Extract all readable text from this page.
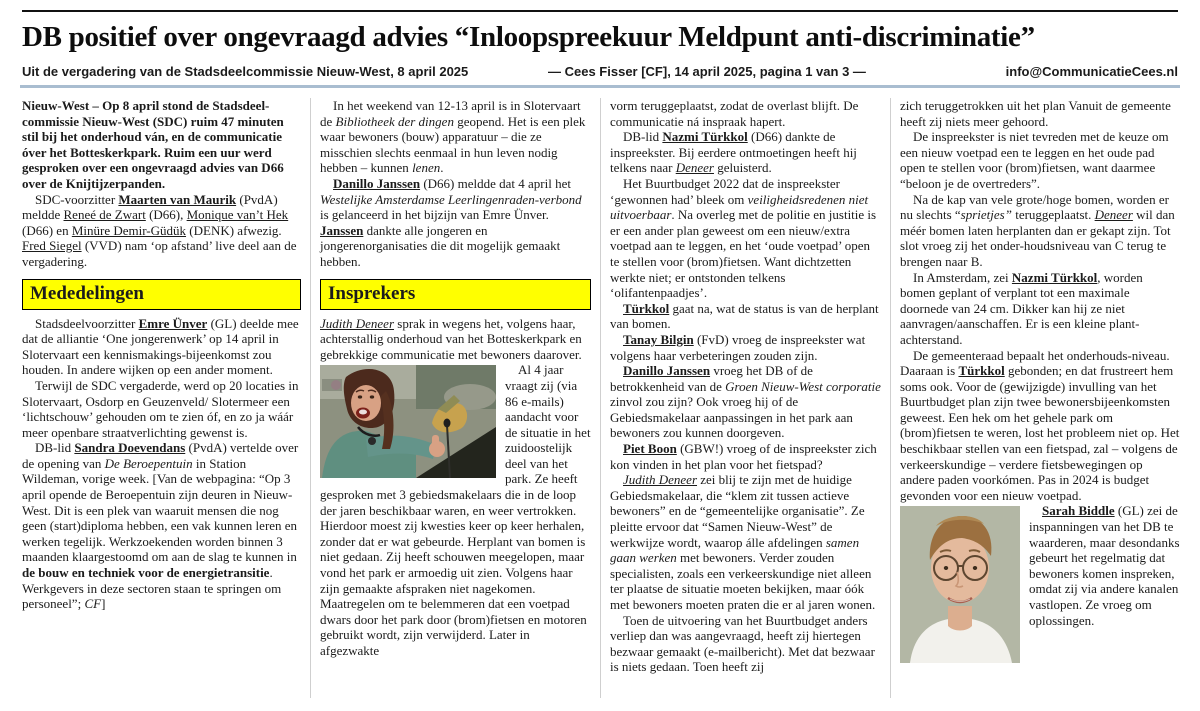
DB positief over ongevraagd advies “Inloopspreekuur Meldpunt anti-discriminatie”
Uit de vergadering van de Stadsdeelcommissie Nieuw-West, 8 april 2025	— Cees Fisser [CF], 14 april 2025, pagina 1 van 3 —	info@CommunicatieCees.nl

Nieuw-West – Op 8 april stond de Stadsdeel-commissie Nieuw-West (SDC) ruim 47 minuten stil bij het onderhoud ván, en de communicatie óver het Botteskerkpark. Ruim een uur werd gesproken over een ongevraagd advies van D66 over de Knijtijzerpanden.

SDC-voorzitter Maarten van Maurik (PvdA) meldde Reneé de Zwart (D66), Monique van’t Hek (D66) en Minüre Demir-Güdük (DENK) afwezig. Fred Siegel (VVD) nam ‘op afstand’ live deel aan de vergadering.

Mededelingen

Stadsdeelvoorzitter Emre Ünver (GL) deelde mee dat de alliantie ‘One jongerenwerk’ op 14 april in Slotervaart een kennismakings-bijeenkomst zou houden. In andere wijken op een ander moment.

Terwijl de SDC vergaderde, werd op 20 locaties in Slotervaart, Osdorp en Geuzenveld/ Slotermeer een ‘lichtschouw’ gehouden om te zien óf, en zo ja wáár meer openbare straatverlichting gewenst is.

DB-lid Sandra Doevendans (PvdA) vertelde over de opening van De Beroepentuin in Station Wildeman, vorige week. [Van de webpagina: “Op 3 april opende de Beroepentuin zijn deuren in Nieuw-West. Dit is een plek van waaruit mensen die nog geen (start)diploma hebben, een vak kunnen leren en werken tegelijk. Werkzoekenden worden binnen 3 maanden klaargestoomd om aan de slag te kunnen in de bouw en techniek voor de energietransitie. Werkgevers in deze sectoren staan te springen om personeel”; CF]

In het weekend van 12-13 april is in Slotervaart de Bibliotheek der dingen geopend. Het is een plek waar bewoners (bouw) apparatuur – die ze misschien slechts eenmaal in hun leven nodig hebben – kunnen lenen.

Danillo Janssen (D66) meldde dat 4 april het Westelijke Amsterdamse Leerlingenraden-verbond is gelanceerd in het bijzijn van Emre Ünver. Janssen dankte alle jongeren en jongerenorganisaties die dit mogelijk gemaakt hebben.

Insprekers

Judith Deneer sprak in wegens het, volgens haar, achterstallig onderhoud van het Botteskerkpark en gebrekkige communicatie met bewoners daarover.

Al 4 jaar vraagt zij (via 86 e-mails) aandacht voor de situatie in het zuidoostelijk deel van het park. Ze heeft gesproken met 3 gebiedsmakelaars die in de loop der jaren beschikbaar waren, en weer vertrokken. Hierdoor moest zij kwesties keer op keer herhalen, zonder dat er wat gebeurde. Herplant van bomen is niet gedaan. Zij heeft schouwen meegelopen, maar vond het park er armoedig uit zien. Volgens haar zijn gemaakte afspraken niet nagekomen. Maatregelen om te belemmeren dat een voetpad dwars door het park door (brom)fietsen en motoren gebruikt wordt, zijn verwijderd. Later in afgezwakte

vorm teruggeplaatst, zodat de overlast blijft. De communicatie ná inspraak hapert.

DB-lid Nazmi Türkkol (D66) dankte de inspreekster. Bij eerdere ontmoetingen heeft hij telkens naar Deneer geluisterd.

Het Buurtbudget 2022 dat de inspreekster ‘gewonnen had’ bleek om veiligheidsredenen niet uitvoerbaar. Na overleg met de politie en justitie is er een ander plan geweest om een nieuw/extra voetpad aan te leggen, en het ‘oude voetpad’ open te stellen voor (brom)fietsen. Want dichtzetten werkte niet; er ontstonden telkens ‘olifantenpaadjes’.

Türkkol gaat na, wat de status is van de herplant van bomen.

Tanay Bilgin (FvD) vroeg de inspreekster wat volgens haar verbeteringen zouden zijn.

Danillo Janssen vroeg het DB of de betrokkenheid van de Groen Nieuw-West corporatie zinvol zou zijn? Ook vroeg hij of de Gebiedsmakelaar aanpassingen in het park aan bewoners zou kunnen doorgeven.

Piet Boon (GBW!) vroeg of de inspreekster zich kon vinden in het plan voor het fietspad?

Judith Deneer zei blij te zijn met de huidige Gebiedsmakelaar, die “klem zit tussen actieve bewoners” en de “gemeentelijke organisatie”. Ze pleitte ervoor dat “Samen Nieuw-West” de werkwijze wordt, waarop álle afdelingen samen gaan werken met bewoners. Verder zouden specialisten, zoals een verkeerskundige niet alleen ter plaatse de situatie moeten bekijken, maar óók met bewoners moeten praten die er al jaren wonen.

Toen de uitvoering van het Buurtbudget anders verliep dan was aangevraagd, heeft zij hiertegen bezwaar gemaakt (e-mailbericht). Met dat bezwaar is niets gedaan. Toen heeft zij

zich teruggetrokken uit het plan Vanuit de gemeente heeft zij niets meer gehoord.

De inspreekster is niet tevreden met de keuze om een nieuw voetpad een te leggen en het oude pad open te stellen voor (brom)fietsen, want daarmee “beloon je de overtreders”.

Na de kap van vele grote/hoge bomen, worden er nu slechts “sprietjes” teruggeplaatst. Deneer wil dan méér bomen laten herplanten dan er gekapt zijn. Tot slot vroeg zij het onder-houdsniveau van C terug te brengen naar B.

In Amsterdam, zei Nazmi Türkkol, worden bomen geplant of verplant tot een maximale doornede van 24 cm. Dikker kan hij ze niet aanvragen/aanschaffen. Er is een kleine plant-achterstand.

De gemeenteraad bepaalt het onderhouds-niveau. Daaraan is Türkkol gebonden; en dat frustreert hem soms ook. Voor de (gewijzigde) invulling van het Buurtbudget plan zijn twee bewonersbijeenkomsten geweest. Een hek om het gehele park om (brom)fietsen te weren, lost het probleem niet op. Het beschikbaar stellen van een fietspad, zal – volgens de verkeerskundige – verdere fietsbewegingen op andere paden voorkómen. Pas in 2024 is budget gevonden voor een nieuw voetpad.

Sarah Biddle (GL) zei de inspanningen van het DB te waarderen, maar desondanks gebeurt het regelmatig dat bewoners komen inspreken, omdat zij via andere kanalen vastlopen. Ze vroeg om oplossingen.
